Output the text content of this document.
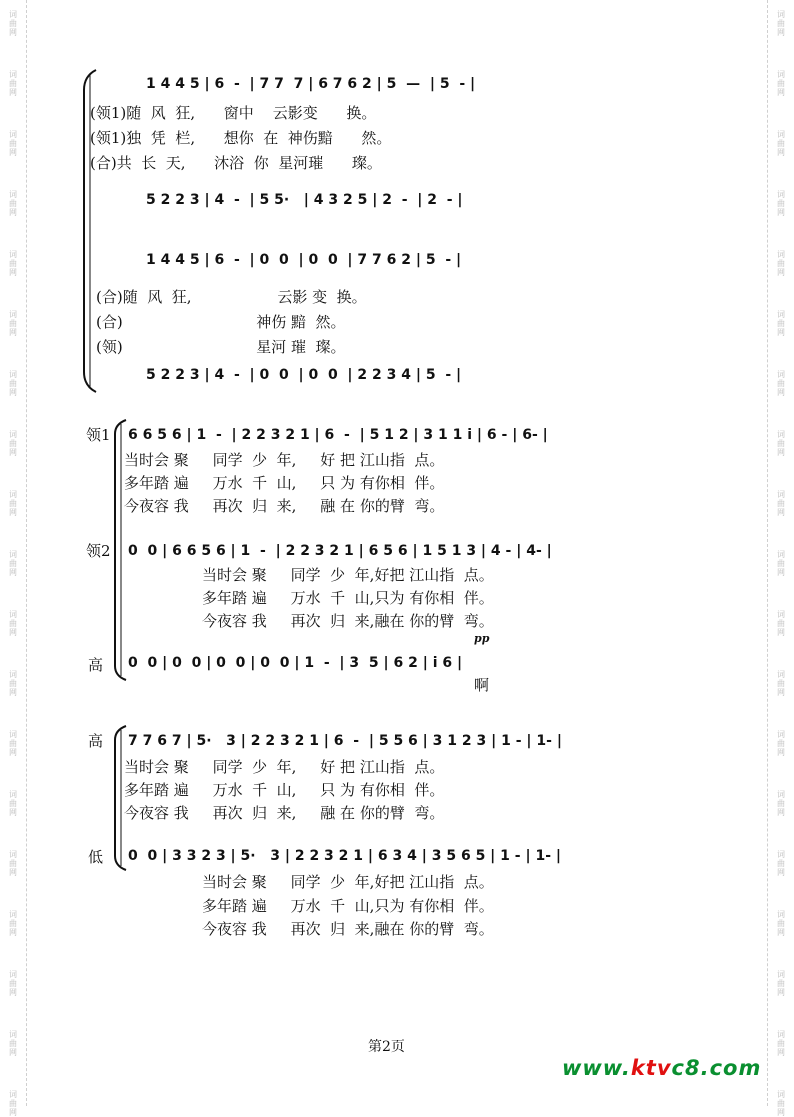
词
曲
网
词
曲
网
词
曲
网
词
曲
网
词
曲
网
词
曲
网
词
曲
网
词
曲
网
词
曲
网
词
曲
网
词
曲
网
词
曲
网
词
曲
网
词
曲
网
词
曲
网
词
曲
网
词
曲
网
词
曲
网
词
曲
网
词
曲
网
词
曲
网
词
曲
网
词
曲
网
词
曲
网
词
曲
网
词
曲
网
词
曲
网
词
曲
网
词
曲
网
词
曲
网
词
曲
网
词
曲
网
词
曲
网
词
曲
网
词
曲
网
词
曲
网
词
曲
网
词
曲
网
1 4 4 5 | 6  -  | 7 7  7 | 6 7 6 2 | 5  —  | 5  - |
(领1)随  风  狂,      窗中    云影变      换。
(领1)独  凭  栏,      想你  在  神伤黯      然。
(合)共  长  天,      沐浴  你  星河璀      璨。
5 2 2 3 | 4  -  | 5 5·   | 4 3 2 5 | 2  -  | 2  - |
1 4 4 5 | 6  -  | 0  0  | 0  0  | 7 7 6 2 | 5  - |
(合)随  风  狂,                  云影 变  换。
(合)                            神伤 黯  然。
(领)                            星河 璀  璨。
5 2 2 3 | 4  -  | 0  0  | 0  0  | 2 2 3 4 | 5  - |
领1
领2
高
6 6 5 6 | 1  -  | 2 2 3 2 1 | 6  -  | 5 1 2 | 3 1 1 i | 6 - | 6- |
当时会 聚     同学  少  年,     好 把 江山指  点。
多年踏 遍     万水  千  山,     只 为 有你相  伴。
今夜容 我     再次  归  来,     融 在 你的臂  弯。
0  0 | 6 6 5 6 | 1  -  | 2 2 3 2 1 | 6 5 6 | 1 5 1 3 | 4 - | 4- |
当时会 聚     同学  少  年,好把 江山指  点。
多年踏 遍     万水  千  山,只为 有你相  伴。
今夜容 我     再次  归  来,融在 你的臂  弯。
pp
0  0 | 0  0 | 0  0 | 0  0 | 1  -  | 3  5 | 6 2 | i 6 |
啊
高
低
7 7 6 7 | 5·   3 | 2 2 3 2 1 | 6  -  | 5 5 6 | 3 1 2 3 | 1 - | 1- |
当时会 聚     同学  少  年,     好 把 江山指  点。
多年踏 遍     万水  千  山,     只 为 有你相  伴。
今夜容 我     再次  归  来,     融 在 你的臂  弯。
0  0 | 3 3 2 3 | 5·   3 | 2 2 3 2 1 | 6 3 4 | 3 5 6 5 | 1 - | 1- |
当时会 聚     同学  少  年,好把 江山指  点。
多年踏 遍     万水  千  山,只为 有你相  伴。
今夜容 我     再次  归  来,融在 你的臂  弯。
第2页
www.ktvc8.com
